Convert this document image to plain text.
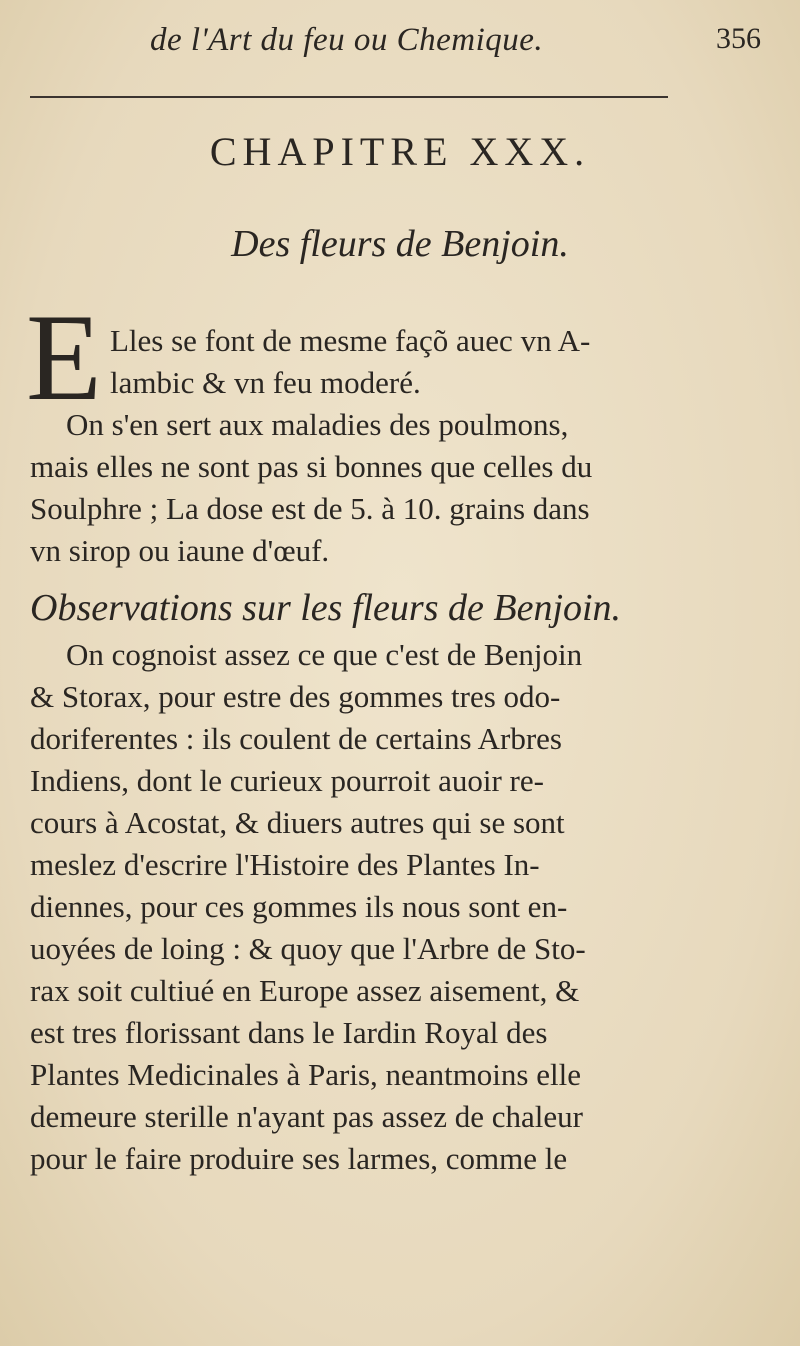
de l'Art du feu ou Chemique.	356
CHAPITRE XXX.
Des fleurs de Benjoin.
E Lles se font de mesme façõ auec vn A-
lambic & vn feu moderé.
On s'en sert aux maladies des poulmons,
mais elles ne sont pas si bonnes que celles du
Soulphre ; La dose est de 5. à 10. grains dans
vn sirop ou iaune d'œuf.
Observations sur les fleurs de Benjoin.
On cognoist assez ce que c'est de Benjoin
& Storax, pour estre des gommes tres odo-
doriferentes : ils coulent de certains Arbres
Indiens, dont le curieux pourroit auoir re-
cours à Acostat, & diuers autres qui se sont
meslez d'escrire l'Histoire des Plantes In-
diennes, pour ces gommes ils nous sont en-
uoyées de loing : & quoy que l'Arbre de Sto-
rax soit cultiué en Europe assez aisement, &
est tres florissant dans le Iardin Royal des
Plantes Medicinales à Paris, neantmoins elle
demeure sterille n'ayant pas assez de chaleur
pour le faire produire ses larmes, comme le
